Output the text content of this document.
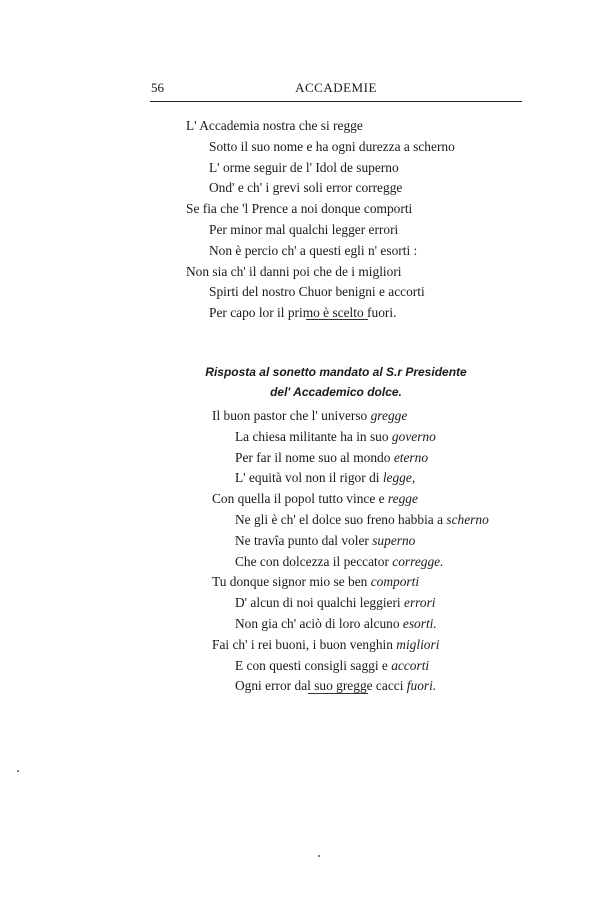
56	ACCADEMIE
L' Accademia nostra che si regge
Sotto il suo nome e ha ogni durezza a scherno
L' orme seguir de l' Idol de superno
Ond' e ch' i grevi soli error corregge
Se fia che 'l Prence a noi donque comporti
Per minor mal qualchi legger errori
Non è percio ch' a questi egli n' esorti :
Non sia ch' il danni poi che de i migliori
Spirti del nostro Chuor benigni e accorti
Per capo lor il primo è scelto fuori.
Risposta al sonetto mandato al S.r Presidente
del' Accademico dolce.
Il buon pastor che l' universo gregge
La chiesa militante ha in suo governo
Per far il nome suo al mondo eterno
L' equità vol non il rigor di legge,
Con quella il popol tutto vince e regge
Ne gli è ch' el dolce suo freno habbia a scherno
Ne travîa punto dal voler superno
Che con dolcezza il peccator corregge.
Tu donque signor mio se ben comporti
D' alcun di noi qualchi leggieri errori
Non gia ch' aciò di loro alcuno esorti.
Fai ch' i rei buoni, i buon venghin migliori
E con questi consigli saggi e accorti
Ogni error dal suo gregge cacci fuori.
